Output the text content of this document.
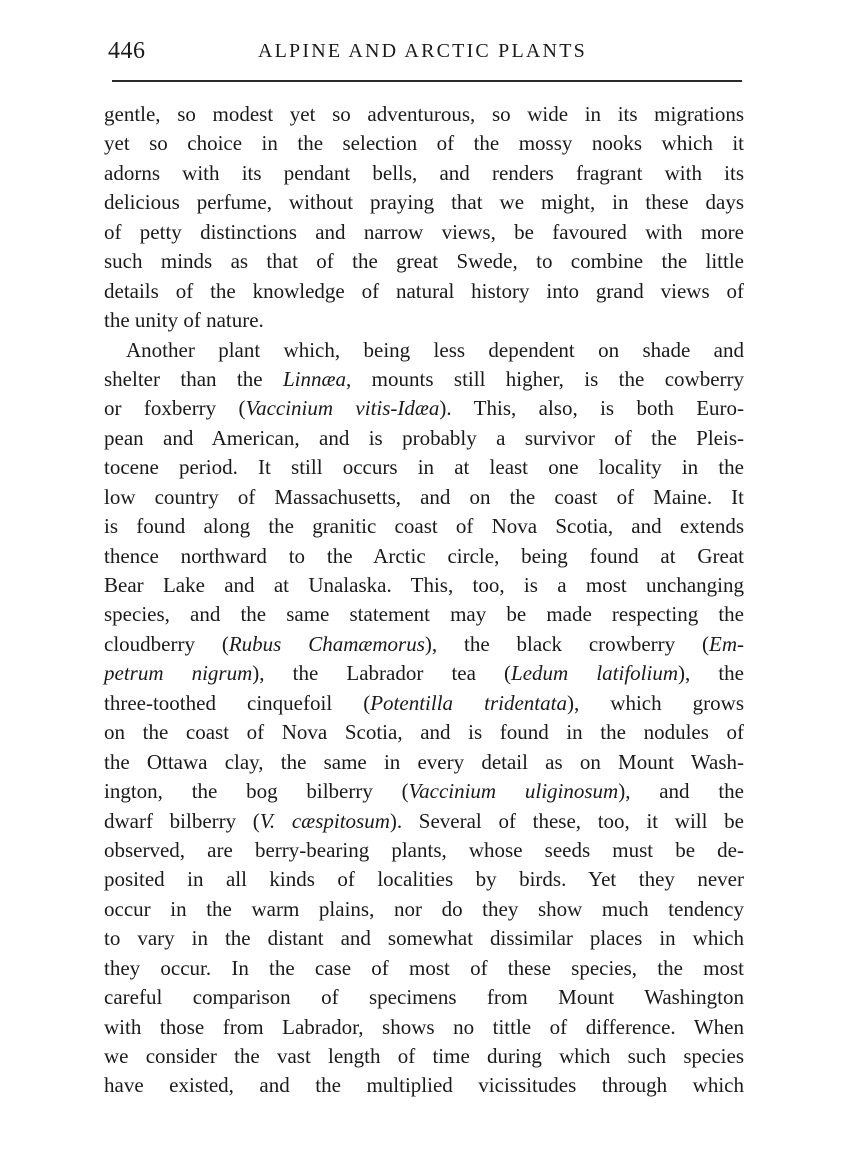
446	ALPINE AND ARCTIC PLANTS
gentle, so modest yet so adventurous, so wide in its migrations
yet so choice in the selection of the mossy nooks which it
adorns with its pendant bells, and renders fragrant with its
delicious perfume, without praying that we might, in these days
of petty distinctions and narrow views, be favoured with more
such minds as that of the great Swede, to combine the little
details of the knowledge of natural history into grand views of
the unity of nature.
Another plant which, being less dependent on shade and
shelter than the Linnæa, mounts still higher, is the cowberry
or foxberry (Vaccinium vitis-Idæa). This, also, is both Euro-
pean and American, and is probably a survivor of the Pleis-
tocene period. It still occurs in at least one locality in the
low country of Massachusetts, and on the coast of Maine. It
is found along the granitic coast of Nova Scotia, and extends
thence northward to the Arctic circle, being found at Great
Bear Lake and at Unalaska. This, too, is a most unchanging
species, and the same statement may be made respecting the
cloudberry (Rubus Chamæmorus), the black crowberry (Em-
petrum nigrum), the Labrador tea (Ledum latifolium), the
three-toothed cinquefoil (Potentilla tridentata), which grows
on the coast of Nova Scotia, and is found in the nodules of
the Ottawa clay, the same in every detail as on Mount Wash-
ington, the bog bilberry (Vaccinium uliginosum), and the
dwarf bilberry (V. cæspitosum). Several of these, too, it will be
observed, are berry-bearing plants, whose seeds must be de-
posited in all kinds of localities by birds. Yet they never
occur in the warm plains, nor do they show much tendency
to vary in the distant and somewhat dissimilar places in which
they occur. In the case of most of these species, the most
careful comparison of specimens from Mount Washington
with those from Labrador, shows no tittle of difference. When
we consider the vast length of time during which such species
have existed, and the multiplied vicissitudes through which
